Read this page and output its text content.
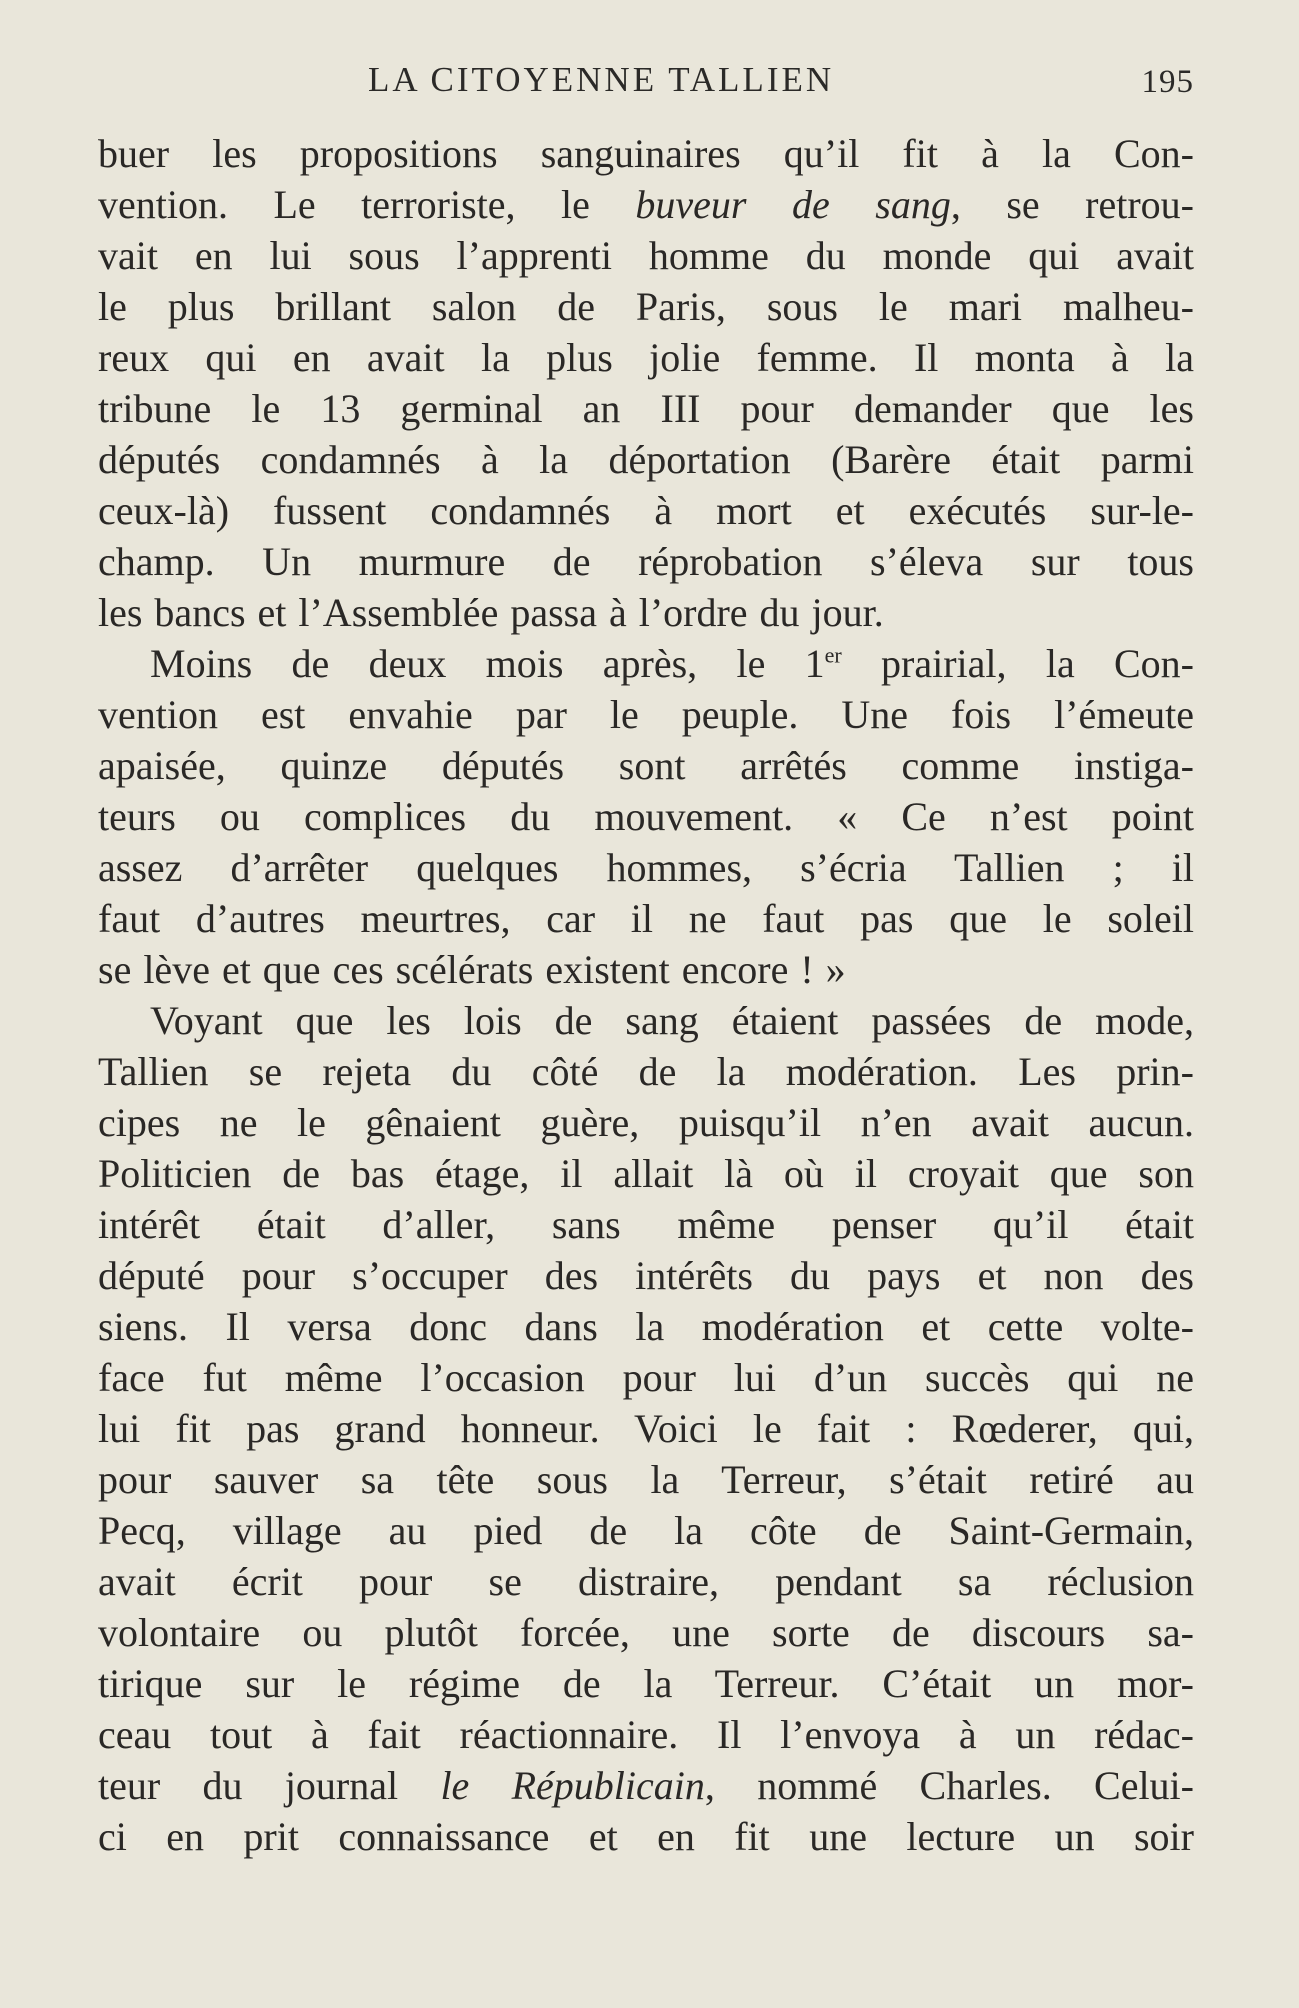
LA CITOYENNE TALLIEN	195
buer les propositions sanguinaires qu’il fit à la Con-
vention. Le terroriste, le buveur de sang, se retrou-
vait en lui sous l’apprenti homme du monde qui avait
le plus brillant salon de Paris, sous le mari malheu-
reux qui en avait la plus jolie femme. Il monta à la
tribune le 13 germinal an III pour demander que les
députés condamnés à la déportation (Barère était parmi
ceux-là) fussent condamnés à mort et exécutés sur-le-
champ. Un murmure de réprobation s’éleva sur tous
les bancs et l’Assemblée passa à l’ordre du jour.
Moins de deux mois après, le 1er prairial, la Con-
vention est envahie par le peuple. Une fois l’émeute
apaisée, quinze députés sont arrêtés comme instiga-
teurs ou complices du mouvement. « Ce n’est point
assez d’arrêter quelques hommes, s’écria Tallien ; il
faut d’autres meurtres, car il ne faut pas que le soleil
se lève et que ces scélérats existent encore ! »
Voyant que les lois de sang étaient passées de mode,
Tallien se rejeta du côté de la modération. Les prin-
cipes ne le gênaient guère, puisqu’il n’en avait aucun.
Politicien de bas étage, il allait là où il croyait que son
intérêt était d’aller, sans même penser qu’il était
député pour s’occuper des intérêts du pays et non des
siens. Il versa donc dans la modération et cette volte-
face fut même l’occasion pour lui d’un succès qui ne
lui fit pas grand honneur. Voici le fait : Rœderer, qui,
pour sauver sa tête sous la Terreur, s’était retiré au
Pecq, village au pied de la côte de Saint-Germain,
avait écrit pour se distraire, pendant sa réclusion
volontaire ou plutôt forcée, une sorte de discours sa-
tirique sur le régime de la Terreur. C’était un mor-
ceau tout à fait réactionnaire. Il l’envoya à un rédac-
teur du journal le Républicain, nommé Charles. Celui-
ci en prit connaissance et en fit une lecture un soir
